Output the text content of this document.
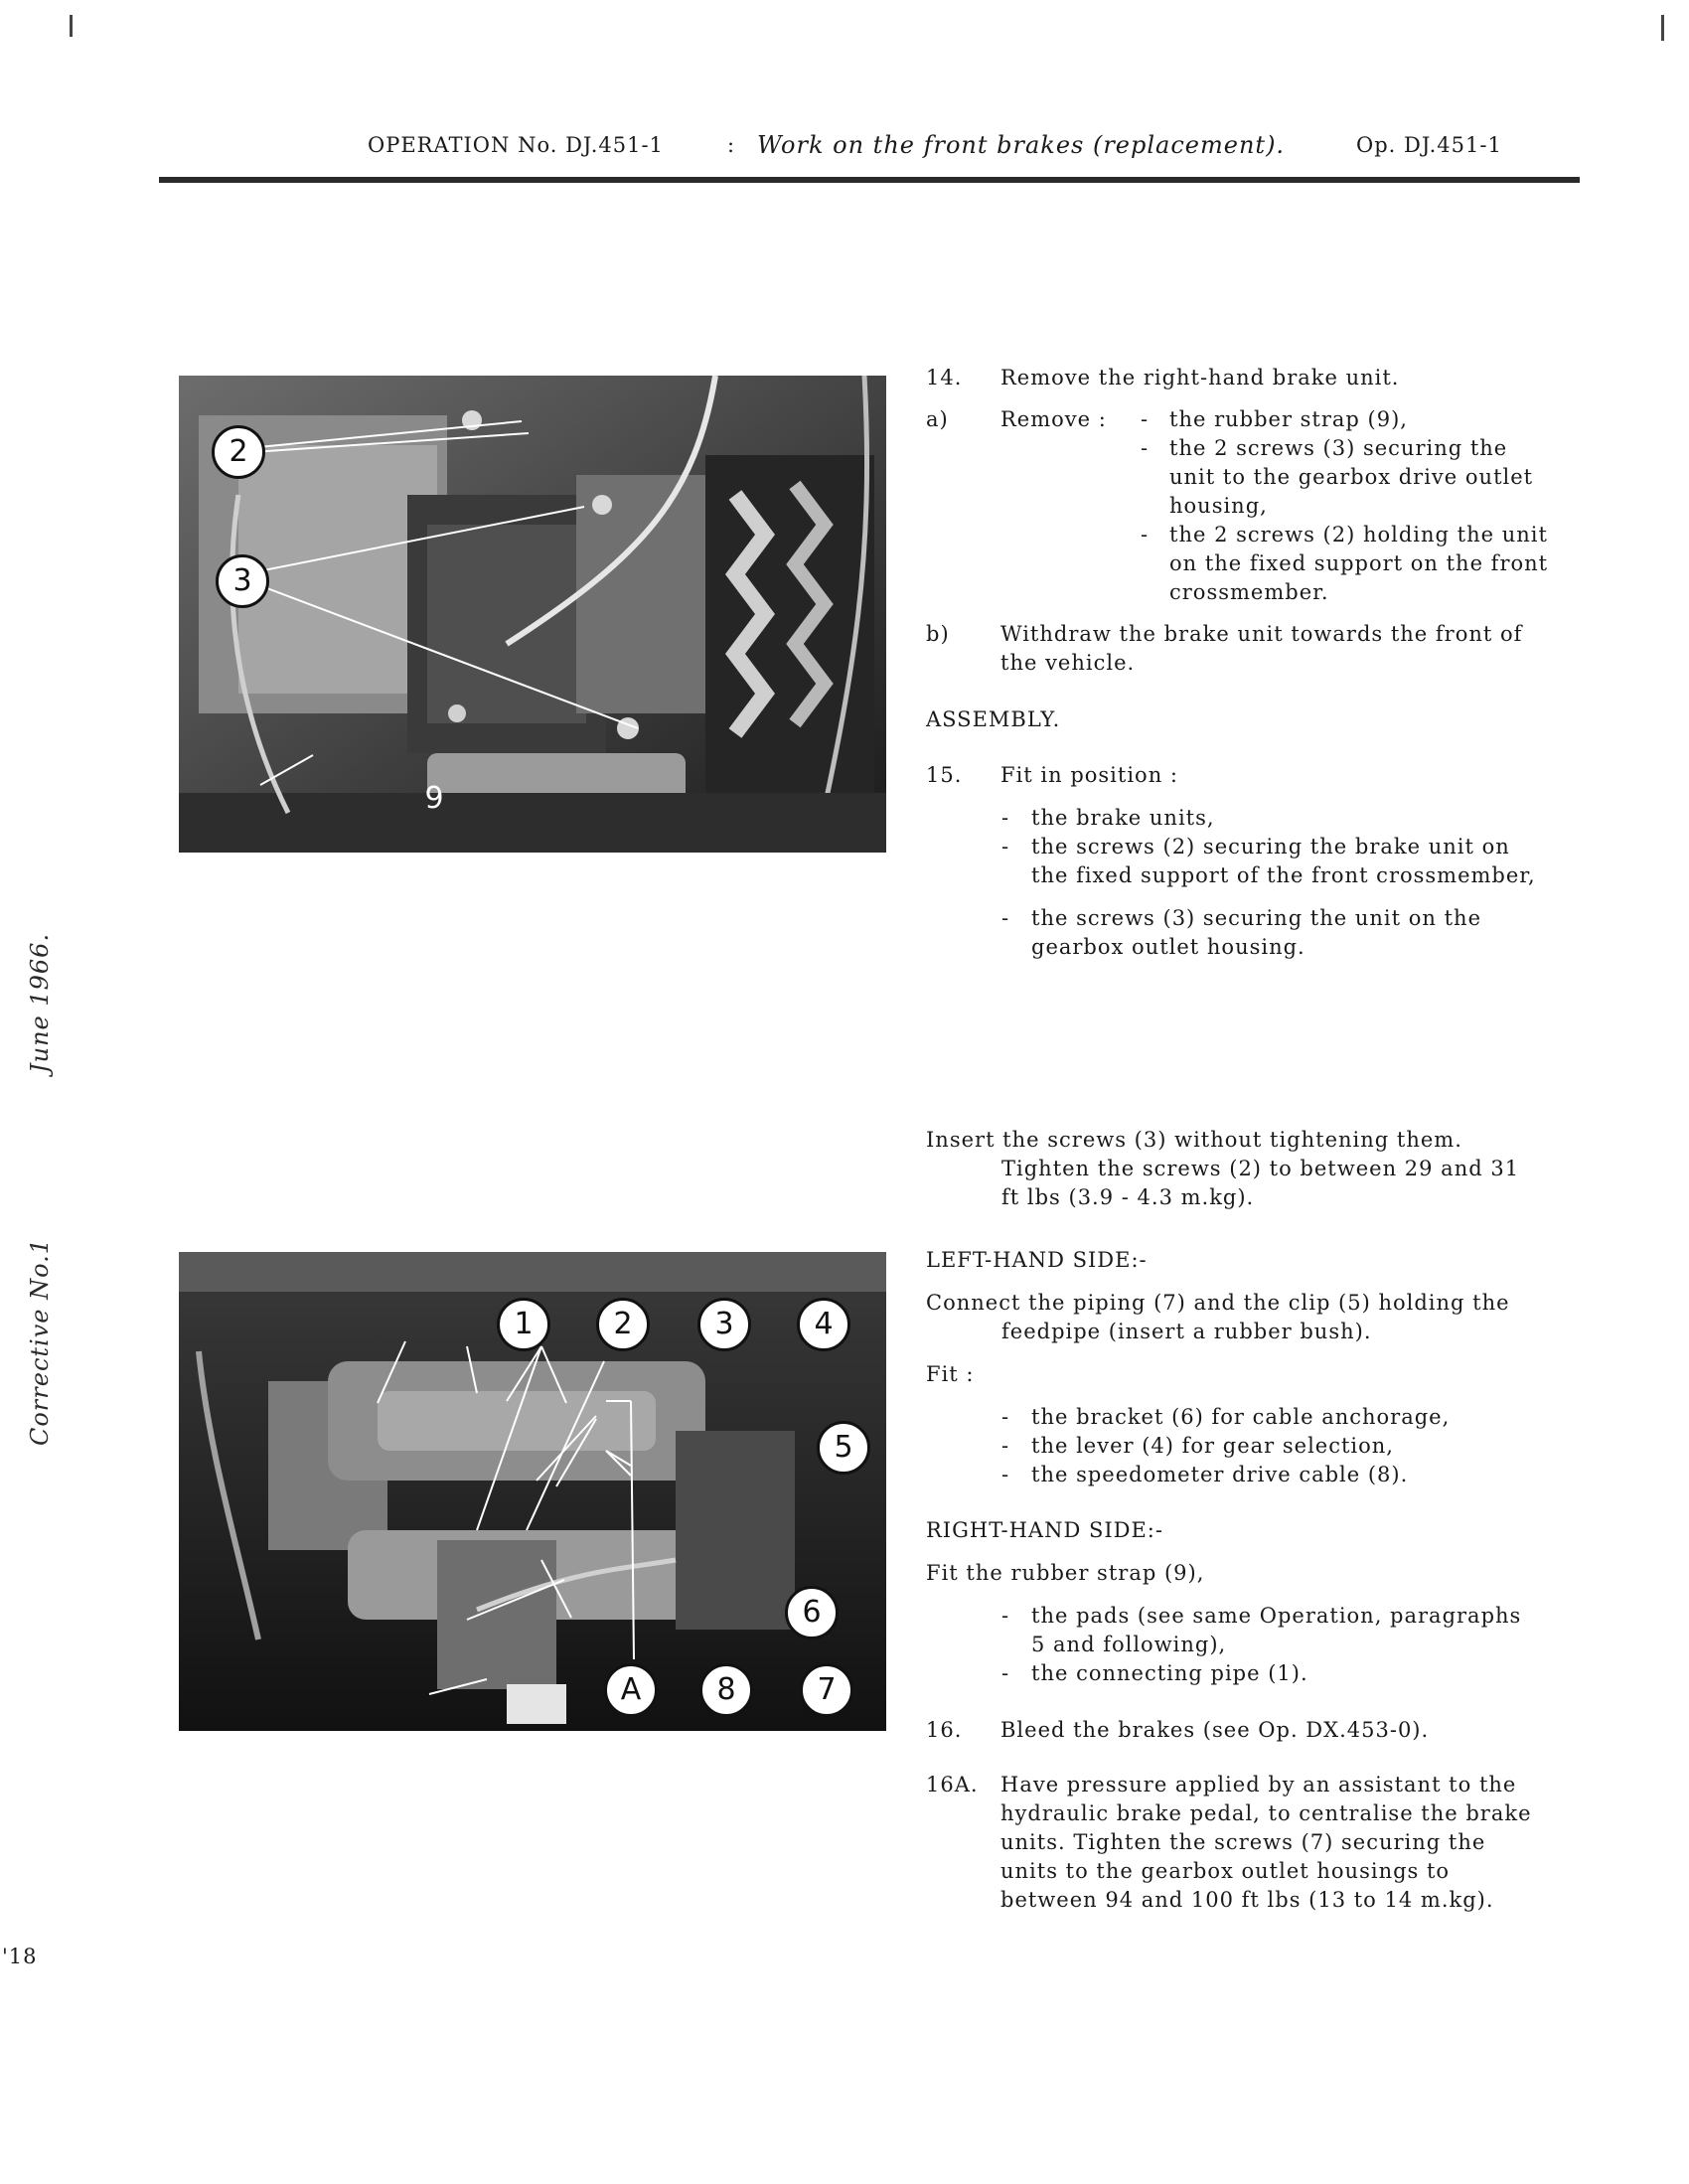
OPERATION No. DJ.451-1	: Work on the front brakes (replacement).	Op. DJ.451-1
June 1966.
Corrective No.1
'18
2
3
9
1	2	3	4
5
6
A	8	7
14. Remove the right-hand brake unit.
a) Remove : - the rubber strap (9),
- the 2 screws (3) securing the
unit to the gearbox drive outlet
housing,
- the 2 screws (2) holding the unit
on the fixed support on the front
crossmember.
b) Withdraw the brake unit towards the front of
the vehicle.
ASSEMBLY.
15. Fit in position :
- the brake units,
- the screws (2) securing the brake unit on
the fixed support of the front crossmember,
- the screws (3) securing the unit on the
gearbox outlet housing.
Insert the screws (3) without tightening them.
Tighten the screws (2) to between 29 and 31
ft lbs (3.9 - 4.3 m.kg).
LEFT-HAND SIDE:-
Connect the piping (7) and the clip (5) holding the
feedpipe (insert a rubber bush).
Fit :
- the bracket (6) for cable anchorage,
- the lever (4) for gear selection,
- the speedometer drive cable (8).
RIGHT-HAND SIDE:-
Fit the rubber strap (9),
- the pads (see same Operation, paragraphs
5 and following),
- the connecting pipe (1).
16. Bleed the brakes (see Op. DX.453-0).
16A. Have pressure applied by an assistant to the
hydraulic brake pedal, to centralise the brake
units. Tighten the screws (7) securing the
units to the gearbox outlet housings to
between 94 and 100 ft lbs (13 to 14 m.kg).
